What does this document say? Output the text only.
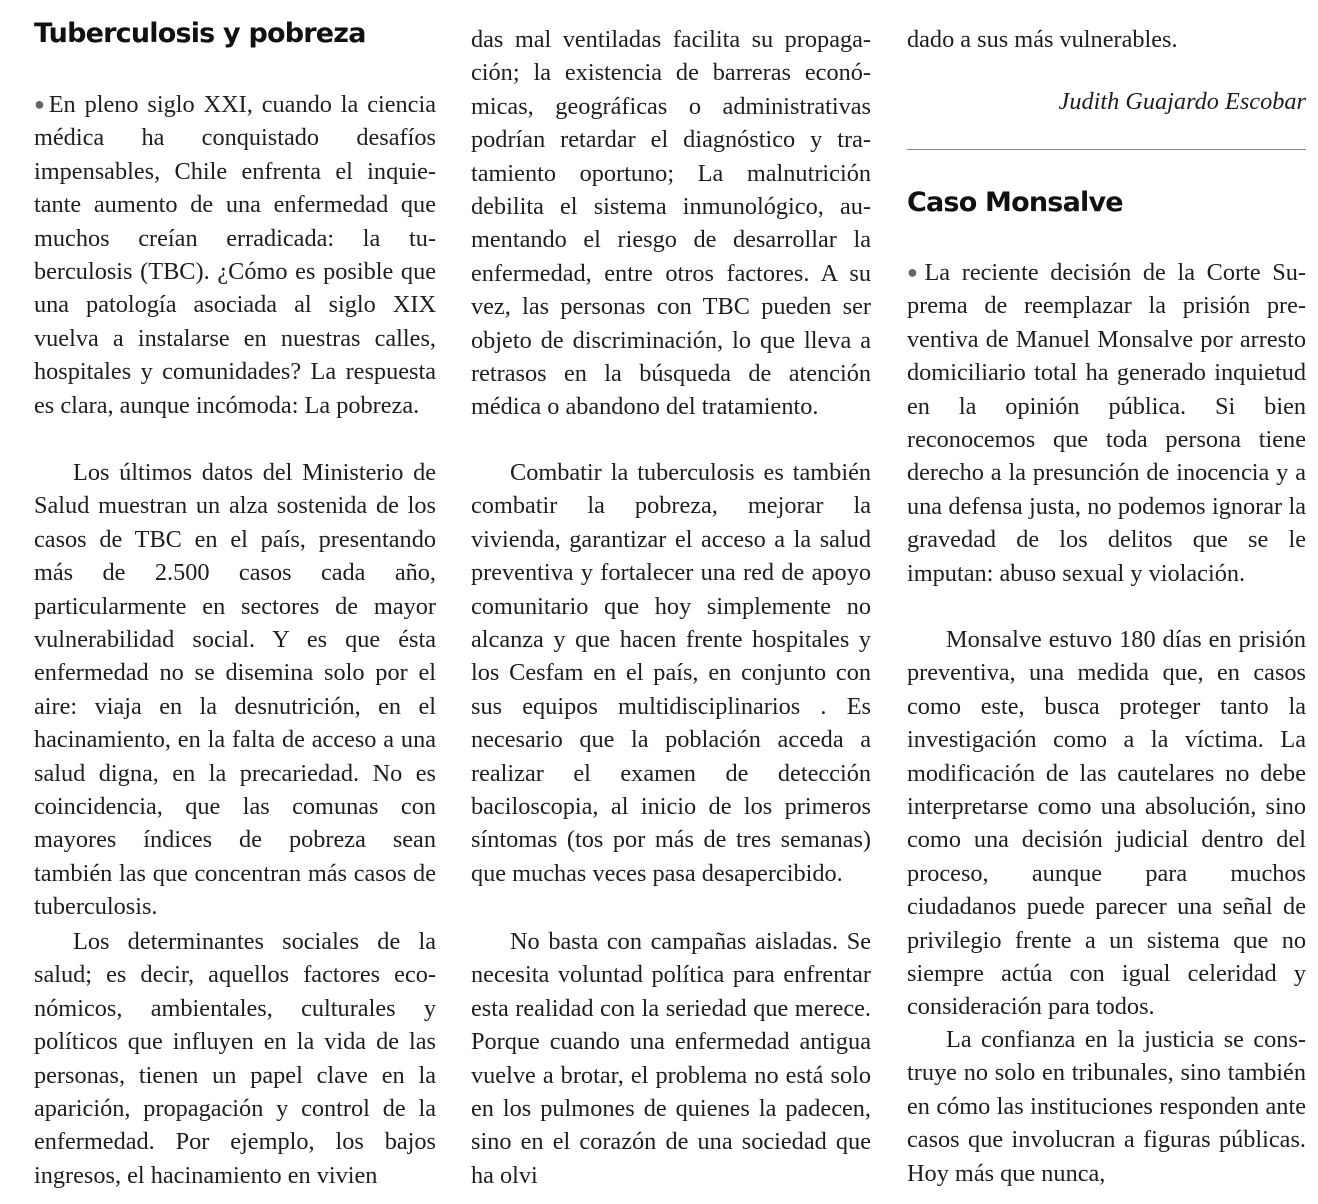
Tuberculosis y pobreza

●En pleno siglo XXI, cuando la ciencia médica ha conquistado desafíos impensables, Chile enfrenta el inquietante aumento de una enfermedad que muchos creían erradicada: la tuberculosis (TBC). ¿Cómo es posible que una patología asociada al siglo XIX vuelva a instalarse en nuestras calles, hospitales y comunidades? La respuesta es clara, aunque incómoda: La pobreza.

Los últimos datos del Ministerio de Salud muestran un alza sostenida de los casos de TBC en el país, presentando más de 2.500 casos cada año, particularmente en sectores de mayor vulnerabilidad social. Y es que ésta enfermedad no se disemina solo por el aire: viaja en la desnutrición, en el hacinamiento, en la falta de acceso a una salud digna, en la precariedad. No es coincidencia, que las comunas con mayores índices de pobreza sean también las que concentran más casos de tuberculosis.

Los determinantes sociales de la salud; es decir, aquellos factores económicos, ambientales, culturales y políticos que influyen en la vida de las personas, tienen un papel clave en la aparición, propagación y control de la enfermedad. Por ejemplo, los bajos ingresos, el hacinamiento en vivien

das mal ventiladas facilita su propagación; la existencia de barreras económicas, geográficas o administrativas podrían retardar el diagnóstico y tratamiento oportuno; La malnutrición debilita el sistema inmunológico, aumentando el riesgo de desarrollar la enfermedad, entre otros factores. A su vez, las personas con TBC pueden ser objeto de discriminación, lo que lleva a retrasos en la búsqueda de atención médica o abandono del tratamiento.

Combatir la tuberculosis es también combatir la pobreza, mejorar la vivienda, garantizar el acceso a la salud preventiva y fortalecer una red de apoyo comunitario que hoy simplemente no alcanza y que hacen frente hospitales y los Cesfam en el país, en conjunto con sus equipos multidisciplinarios . Es necesario que la población acceda a realizar el examen de detección baciloscopia, al inicio de los primeros síntomas (tos por más de tres semanas) que muchas veces pasa desapercibido.

No basta con campañas aisladas. Se necesita voluntad política para enfrentar esta realidad con la seriedad que merece. Porque cuando una enfermedad antigua vuelve a brotar, el problema no está solo en los pulmones de quienes la padecen, sino en el corazón de una sociedad que ha olvi

dado a sus más vulnerables.

Judith Guajardo Escobar

Caso Monsalve

●La reciente decisión de la Corte Suprema de reemplazar la prisión preventiva de Manuel Monsalve por arresto domiciliario total ha generado inquietud en la opinión pública. Si bien reconocemos que toda persona tiene derecho a la presunción de inocencia y a una defensa justa, no podemos ignorar la gravedad de los delitos que se le imputan: abuso sexual y violación.

Monsalve estuvo 180 días en prisión preventiva, una medida que, en casos como este, busca proteger tanto la investigación como a la víctima. La modificación de las cautelares no debe interpretarse como una absolución, sino como una decisión judicial dentro del proceso, aunque para muchos ciudadanos puede parecer una señal de privilegio frente a un sistema que no siempre actúa con igual celeridad y consideración para todos.

La confianza en la justicia se construye no solo en tribunales, sino también en cómo las instituciones responden ante casos que involucran a figuras públicas. Hoy más que nunca,
